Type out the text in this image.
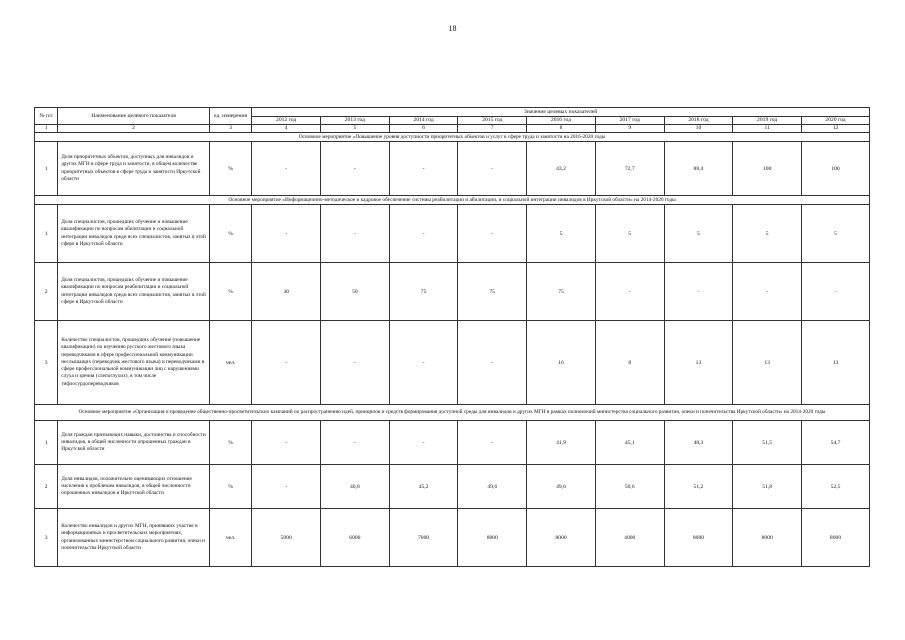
18
№ п/с	Наименование целевого показателя	ед. измерения	Значение целевых показателей								
			2012 год	2013 год	2014 год	2015 год	2016 год	2017 год	2018 год	2019 год	2020 год
1	2	3	4	5	6	7	8	9	10	11	12
Основное мероприятие «Повышение уровня доступности приоритетных объектов и услуг в сфере труда и занятости на 2016-2020 годы											
1	Доля приоритетных объектов, доступных для инвалидов и других МГН в сфере труда и занятости, в общем количестве приоритетных объектов в сфере труда и занятости Иркутской области	%	-	-	-	-	43,2	72,7	88,4	100	100
Основное мероприятие «Информационно-методическое и кадровое обеспечение системы реабилитации и абилитации, и социальной интеграции инвалидов в Иркутской области» на 2014-2020 годы											
1	Доля специалистов, прошедших обучение и повышение квалификации по вопросам абилитации и социальной интеграции инвалидов среди всех специалистов, занятых в этой сфере в Иркутской области	%	-	-	-	-	5	5	5	5	5
2	Доля специалистов, прошедших обучение и повышение квалификации по вопросам реабилитации и социальной интеграции инвалидов среди всех специалистов, занятых в этой сфере в Иркутской области	%	30	50	75	75	75	-	-	-	-
3	Количество специалистов, прошедших обучение (повышение квалификации) по изучению русского жестового языка переводчиками в сфере профессиональной коммуникации неслышащих (переводчик жестового языка) и переводчиками в сфере профессиональной коммуникации лиц с нарушениями слуха и зрения (слепоглухих), в том числе тифлосурдопереводчиков	чел.	-	-	-	-	16	8	13	13	13
Основное мероприятие «Организация и проведение общественно-просветительских кампаний по распространению идей, принципов и средств формирования доступной среды для инвалидов и других МГН в рамках полномочий министерства социального развития, опеки и попечительства Иркутской области» на 2014-2020 годы											
1	Доля граждан признающих навыки, достоинства и способности инвалидов, в общей численности опрошенных граждан в Иркутской области	%	-	-	-	-	41,9	45,1	48,3	51,5	54,7
2	Доля инвалидов, положительно оценивающих отношение населения к проблемам инвалидов, в общей численности опрошенных инвалидов в Иркутской области	%	-	40,8	45,2	49,6	49,6	50,6	51,2	51,8	52,5
3	Количество инвалидов и других МГН, принявших участие в информационных и просветительских мероприятиях, организованных министерством социального развития, опеки и попечительства Иркутской области	чел.	5000	6000	7000	8000	8000	4000	8000	8000	8000
